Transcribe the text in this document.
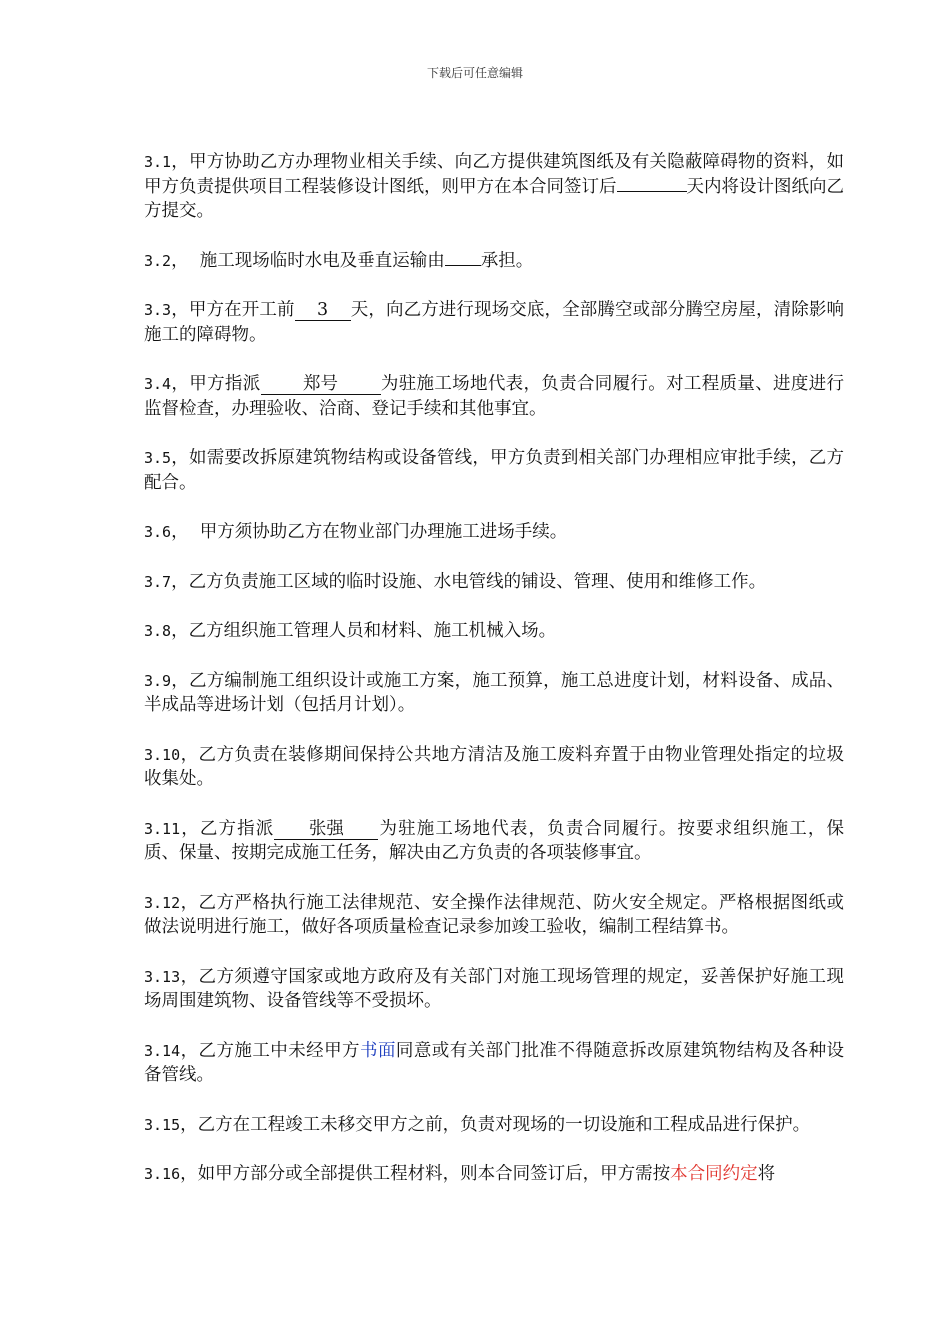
下载后可任意编辑

3.1，甲方协助乙方办理物业相关手续、向乙方提供建筑图纸及有关隐蔽障碍物的资料，如甲方负责提供项目工程装修设计图纸，则甲方在本合同签订后	天内将设计图纸向乙方提交。

3.2，  施工现场临时水电及垂直运输由 承担。

3.3，甲方在开工前 3 天，向乙方进行现场交底，全部腾空或部分腾空房屋，清除影响施工的障碍物。

3.4，甲方指派 郑号 为驻施工场地代表，负责合同履行。对工程质量、进度进行监督检查，办理验收、洽商、登记手续和其他事宜。

3.5，如需要改拆原建筑物结构或设备管线，甲方负责到相关部门办理相应审批手续，乙方配合。

3.6，  甲方须协助乙方在物业部门办理施工进场手续。

3.7，乙方负责施工区域的临时设施、水电管线的铺设、管理、使用和维修工作。

3.8，乙方组织施工管理人员和材料、施工机械入场。

3.9，乙方编制施工组织设计或施工方案，施工预算，施工总进度计划，材料设备、成品、半成品等进场计划（包括月计划）。

3.10，乙方负责在装修期间保持公共地方清洁及施工废料弃置于由物业管理处指定的垃圾收集处。

3.11，乙方指派 张强 为驻施工场地代表，负责合同履行。按要求组织施工，保质、保量、按期完成施工任务，解决由乙方负责的各项装修事宜。

3.12，乙方严格执行施工法律规范、安全操作法律规范、防火安全规定。严格根据图纸或做法说明进行施工，做好各项质量检查记录参加竣工验收，编制工程结算书。

3.13，乙方须遵守国家或地方政府及有关部门对施工现场管理的规定，妥善保护好施工现场周围建筑物、设备管线等不受损坏。

3.14，乙方施工中未经甲方书面同意或有关部门批准不得随意拆改原建筑物结构及各种设备管线。

3.15，乙方在工程竣工未移交甲方之前，负责对现场的一切设施和工程成品进行保护。

3.16，如甲方部分或全部提供工程材料，则本合同签订后，甲方需按本合同约定将
